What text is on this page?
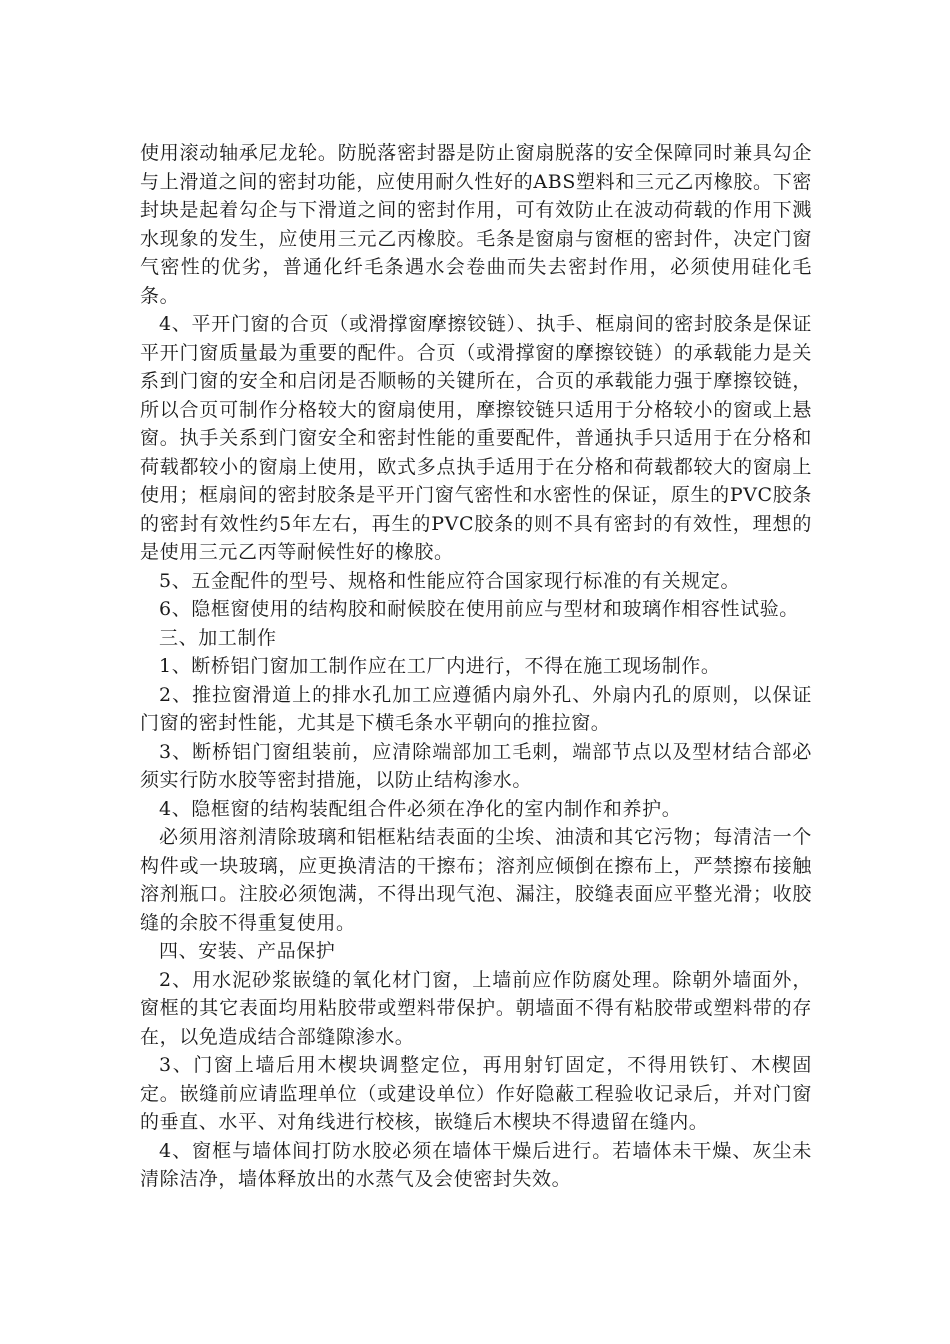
使用滚动轴承尼龙轮。防脱落密封器是防止窗扇脱落的安全保障同时兼具勾企与上滑道之间的密封功能，应使用耐久性好的ABS塑料和三元乙丙橡胶。下密封块是起着勾企与下滑道之间的密封作用，可有效防止在波动荷载的作用下溅水现象的发生，应使用三元乙丙橡胶。毛条是窗扇与窗框的密封件，决定门窗气密性的优劣，普通化纤毛条遇水会卷曲而失去密封作用，必须使用硅化毛条。

4、平开门窗的合页（或滑撑窗摩擦铰链）、执手、框扇间的密封胶条是保证平开门窗质量最为重要的配件。合页（或滑撑窗的摩擦铰链）的承载能力是关系到门窗的安全和启闭是否顺畅的关键所在，合页的承载能力强于摩擦铰链，所以合页可制作分格较大的窗扇使用，摩擦铰链只适用于分格较小的窗或上悬窗。执手关系到门窗安全和密封性能的重要配件，普通执手只适用于在分格和荷载都较小的窗扇上使用，欧式多点执手适用于在分格和荷载都较大的窗扇上使用；框扇间的密封胶条是平开门窗气密性和水密性的保证，原生的PVC胶条的密封有效性约5年左右，再生的PVC胶条的则不具有密封的有效性，理想的是使用三元乙丙等耐候性好的橡胶。

5、五金配件的型号、规格和性能应符合国家现行标准的有关规定。

6、隐框窗使用的结构胶和耐候胶在使用前应与型材和玻璃作相容性试验。

三、加工制作

1、断桥铝门窗加工制作应在工厂内进行，不得在施工现场制作。

2、推拉窗滑道上的排水孔加工应遵循内扇外孔、外扇内孔的原则，以保证门窗的密封性能，尤其是下横毛条水平朝向的推拉窗。

3、断桥铝门窗组装前，应清除端部加工毛刺，端部节点以及型材结合部必须实行防水胶等密封措施，以防止结构渗水。

4、隐框窗的结构装配组合件必须在净化的室内制作和养护。

必须用溶剂清除玻璃和铝框粘结表面的尘埃、油渍和其它污物；每清洁一个构件或一块玻璃，应更换清洁的干擦布；溶剂应倾倒在擦布上，严禁擦布接触溶剂瓶口。注胶必须饱满，不得出现气泡、漏注，胶缝表面应平整光滑；收胶缝的余胶不得重复使用。

四、安装、产品保护

2、用水泥砂浆嵌缝的氧化材门窗，上墙前应作防腐处理。除朝外墙面外，窗框的其它表面均用粘胶带或塑料带保护。朝墙面不得有粘胶带或塑料带的存在，以免造成结合部缝隙渗水。

3、门窗上墙后用木楔块调整定位，再用射钉固定，不得用铁钉、木楔固定。嵌缝前应请监理单位（或建设单位）作好隐蔽工程验收记录后，并对门窗的垂直、水平、对角线进行校核，嵌缝后木楔块不得遗留在缝内。

4、窗框与墙体间打防水胶必须在墙体干燥后进行。若墙体未干燥、灰尘未清除洁净，墙体释放出的水蒸气及会使密封失效。
